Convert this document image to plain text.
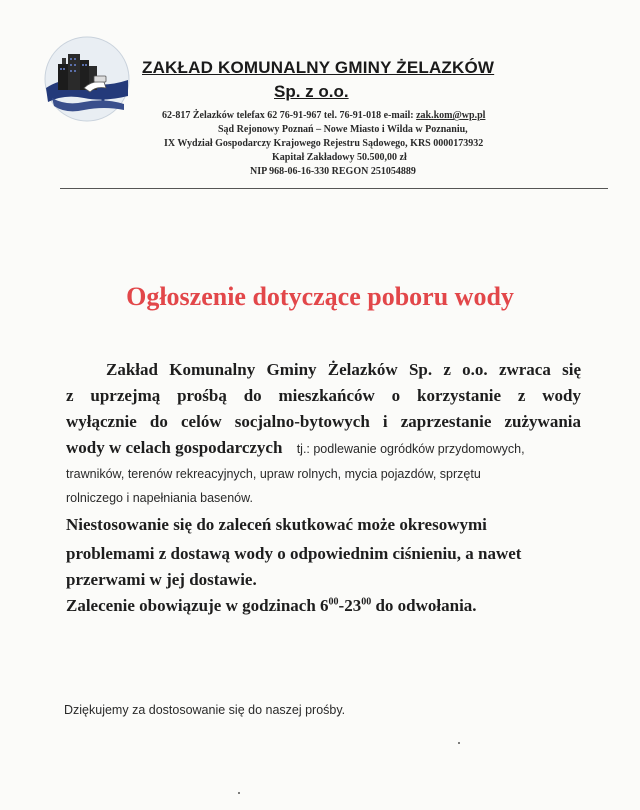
ZAKŁAD KOMUNALNY GMINY ŻELAZKÓW
Sp. z o.o.
62-817 Żelazków telefax 62 76-91-967 tel. 76-91-018 e-mail: zak.kom@wp.pl
Sąd Rejonowy Poznań – Nowe Miasto i Wilda w Poznaniu,
IX Wydział Gospodarczy Krajowego Rejestru Sądowego, KRS 0000173932
Kapitał Zakładowy 50.500,00 zł
NIP 968-06-16-330 REGON 251054889
Ogłoszenie dotyczące poboru wody
Zakład Komunalny Gminy Żelazków Sp. z o.o. zwraca się
z uprzejmą prośbą do mieszkańców o korzystanie z wody
wyłącznie do celów socjalno-bytowych i zaprzestanie zużywania
wody w celach gospodarczych tj.: podlewanie ogródków przydomowych,
trawników, terenów rekreacyjnych, upraw rolnych, mycia pojazdów, sprzętu
rolniczego i napełniania basenów.
Niestosowanie się do zaleceń skutkować może okresowymi
problemami z dostawą wody o odpowiednim ciśnieniu, a nawet
przerwami w jej dostawie.
Zalecenie obowiązuje w godzinach $6^{00}-23^{00}$ do odwołania.
Dziękujemy za dostosowanie się do naszej prośby.
